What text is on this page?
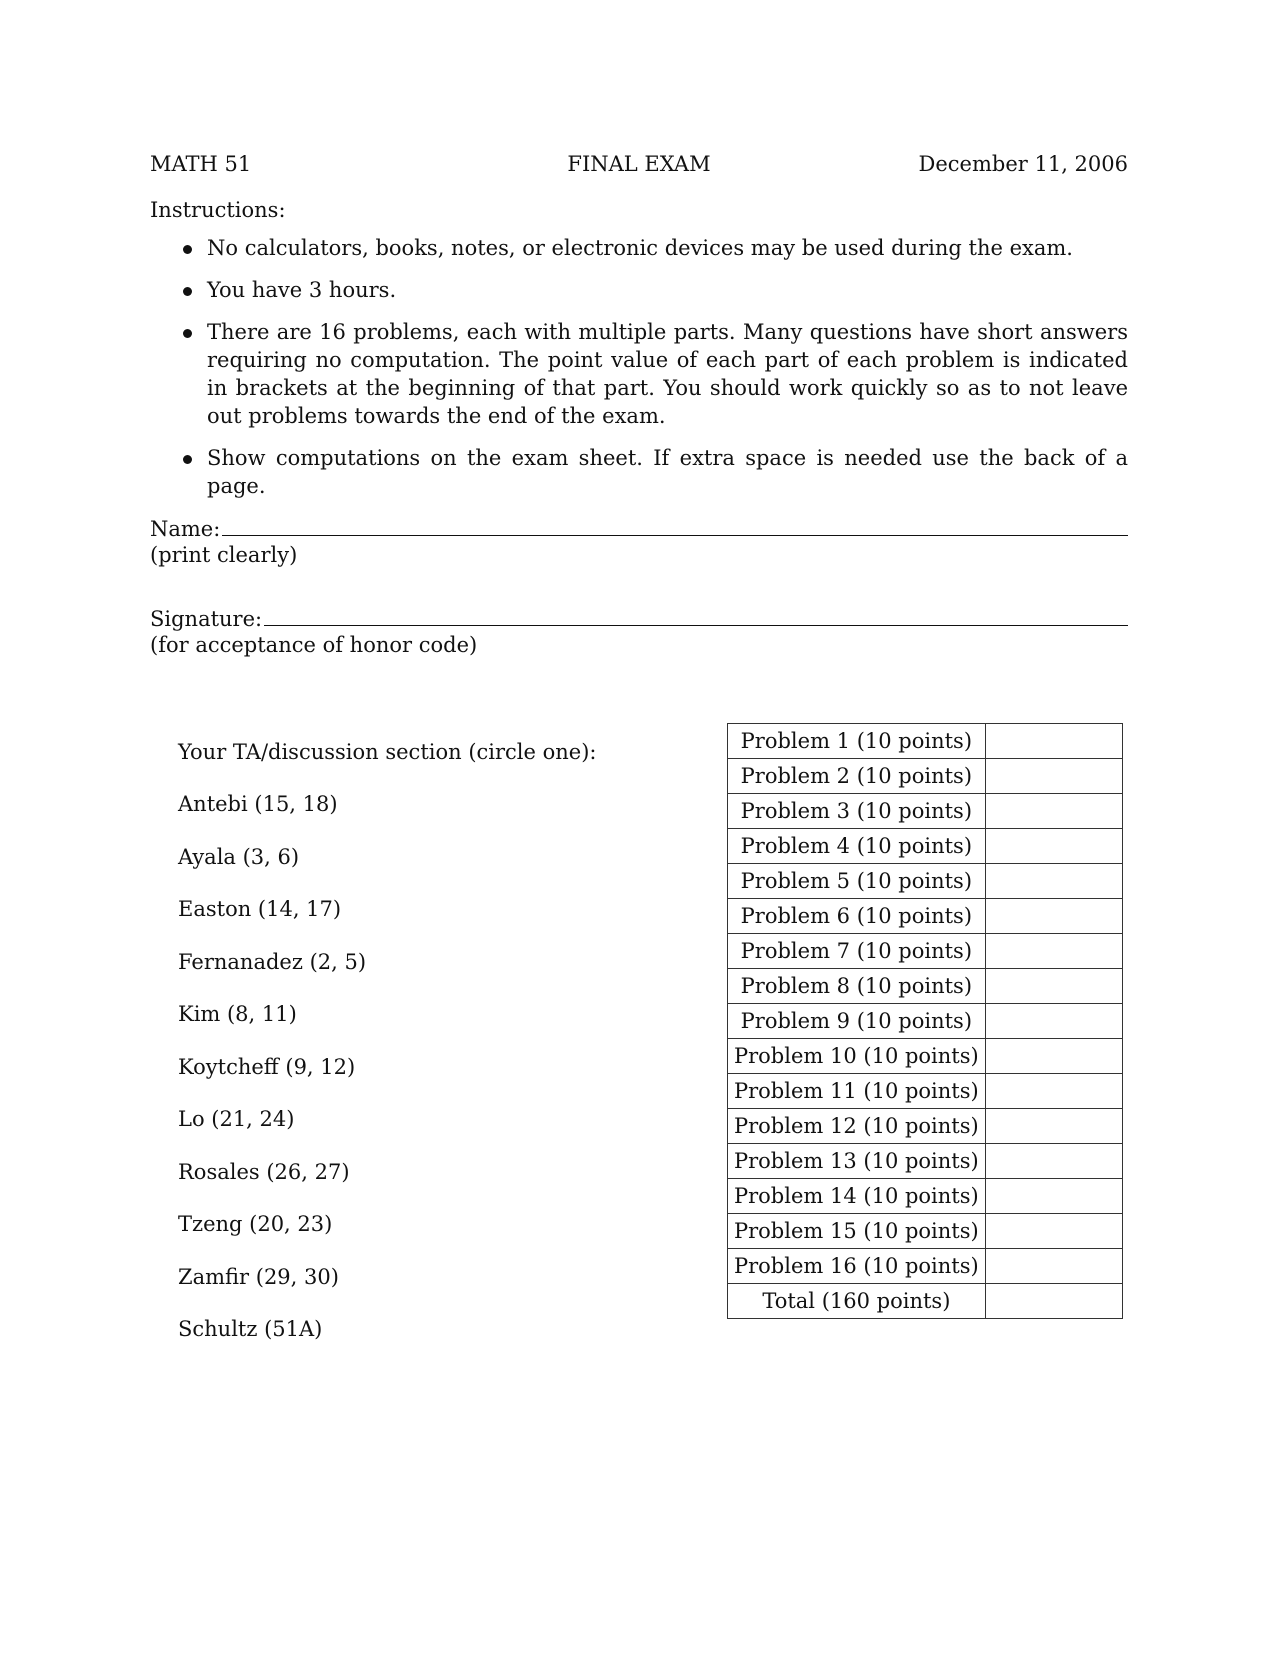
MATH 51	FINAL EXAM	December 11, 2006
Instructions:
No calculators, books, notes, or electronic devices may be used during the exam.
You have 3 hours.
There are 16 problems, each with multiple parts. Many questions have short answers requiring no computation. The point value of each part of each problem is indicated in brackets at the beginning of that part. You should work quickly so as to not leave out problems towards the end of the exam.
Show computations on the exam sheet. If extra space is needed use the back of a page.
Name:
(print clearly)
Signature:
(for acceptance of honor code)
Your TA/discussion section (circle one):
Antebi (15, 18)
Ayala (3, 6)
Easton (14, 17)
Fernanadez (2, 5)
Kim (8, 11)
Koytcheff (9, 12)
Lo (21, 24)
Rosales (26, 27)
Tzeng (20, 23)
Zamfir (29, 30)
Schultz (51A)
Problem 1 (10 points)	
Problem 2 (10 points)	
Problem 3 (10 points)	
Problem 4 (10 points)	
Problem 5 (10 points)	
Problem 6 (10 points)	
Problem 7 (10 points)	
Problem 8 (10 points)	
Problem 9 (10 points)	
Problem 10 (10 points)	
Problem 11 (10 points)	
Problem 12 (10 points)	
Problem 13 (10 points)	
Problem 14 (10 points)	
Problem 15 (10 points)	
Problem 16 (10 points)	
Total (160 points)	
